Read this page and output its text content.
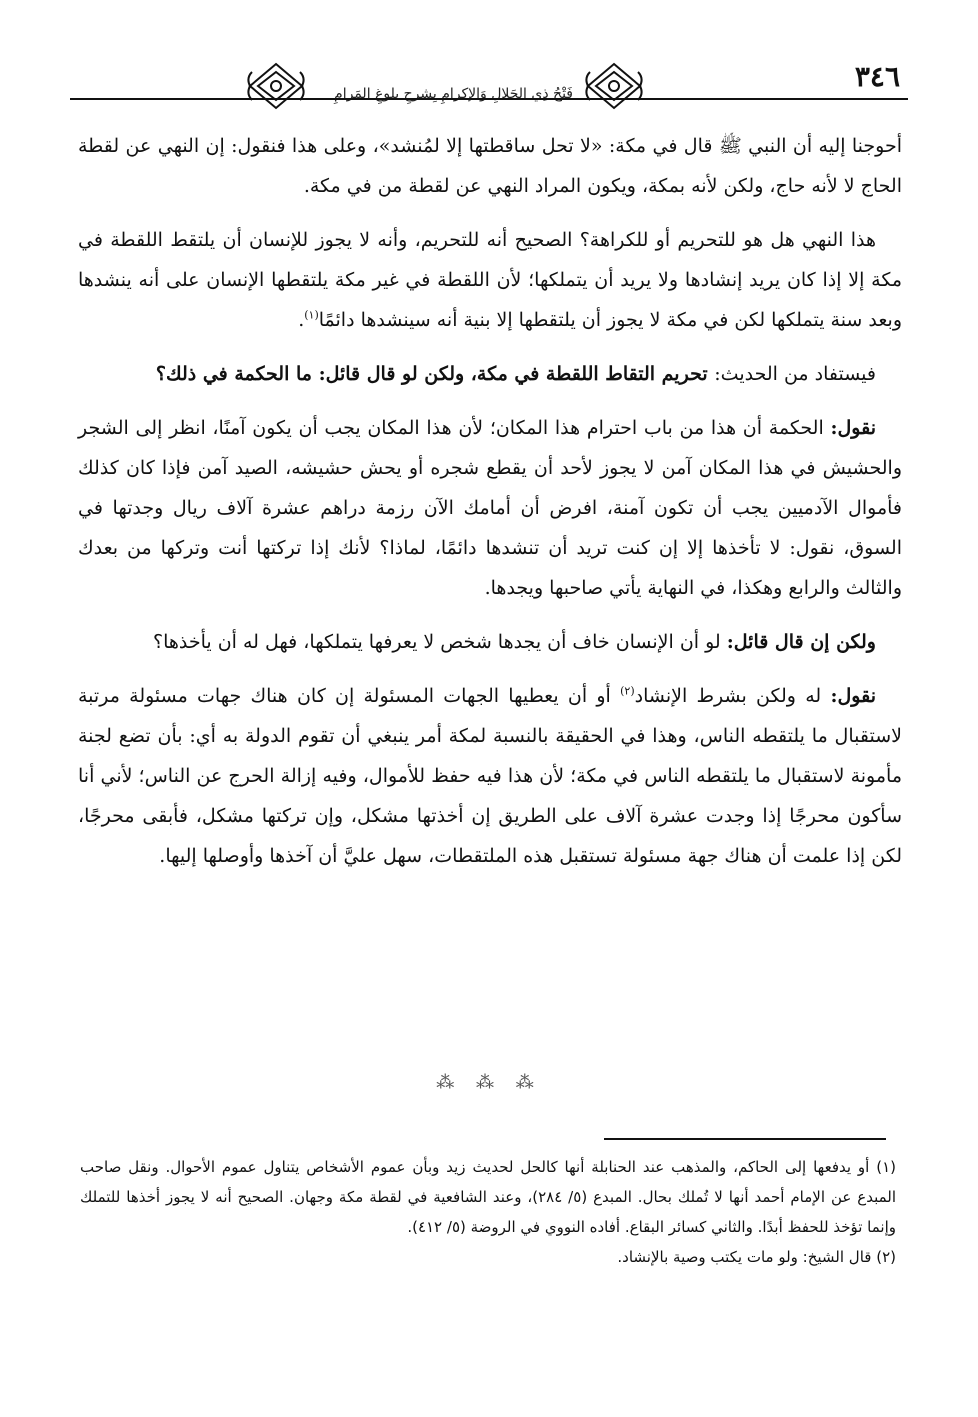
٣٤٦
فَتْحُ ذِي الجَلالِ وَالإكرامِ بِشرحِ بلوغِ المَرامِ

أحوجنا إليه أن النبي ﷺ قال في مكة: «لا تحل ساقطتها إلا لمُنشد»، وعلى هذا فنقول: إن النهي عن لقطة الحاج لا لأنه حاج، ولكن لأنه بمكة، ويكون المراد النهي عن لقطة من في مكة.

هذا النهي هل هو للتحريم أو للكراهة؟ الصحيح أنه للتحريم، وأنه لا يجوز للإنسان أن يلتقط اللقطة في مكة إلا إذا كان يريد إنشادها ولا يريد أن يتملكها؛ لأن اللقطة في غير مكة يلتقطها الإنسان على أنه ينشدها وبعد سنة يتملكها لكن في مكة لا يجوز أن يلتقطها إلا بنية أنه سينشدها دائمًا$^{(١)}$.

فيستفاد من الحديث: تحريم التقاط اللقطة في مكة، ولكن لو قال قائل: ما الحكمة في ذلك؟

نقول: الحكمة أن هذا من باب احترام هذا المكان؛ لأن هذا المكان يجب أن يكون آمنًا، انظر إلى الشجر والحشيش في هذا المكان آمن لا يجوز لأحد أن يقطع شجره أو يحش حشيشه، الصيد آمن فإذا كان كذلك فأموال الآدميين يجب أن تكون آمنة، افرض أن أمامك الآن رزمة دراهم عشرة آلاف ريال وجدتها في السوق، نقول: لا تأخذها إلا إن كنت تريد أن تنشدها دائمًا، لماذا؟ لأنك إذا تركتها أنت وتركها من بعدك والثالث والرابع وهكذا، في النهاية يأتي صاحبها ويجدها.

ولكن إن قال قائل: لو أن الإنسان خاف أن يجدها شخص لا يعرفها يتملكها، فهل له أن يأخذها؟

نقول: له ولكن بشرط الإنشاد$^{(٢)}$ أو أن يعطيها الجهات المسئولة إن كان هناك جهات مسئولة مرتبة لاستقبال ما يلتقطه الناس، وهذا في الحقيقة بالنسبة لمكة أمر ينبغي أن تقوم الدولة به أي: بأن تضع لجنة مأمونة لاستقبال ما يلتقطه الناس في مكة؛ لأن هذا فيه حفظ للأموال، وفيه إزالة الحرج عن الناس؛ لأني أنا سأكون محرجًا إذا وجدت عشرة آلاف على الطريق إن أخذتها مشكل، وإن تركتها مشكل، فأبقى محرجًا، لكن إذا علمت أن هناك جهة مسئولة تستقبل هذه الملتقطات، سهل عليَّ أن آخذها وأوصلها إليها.

⁂ ⁂ ⁂

(١) أو يدفعها إلى الحاكم، والمذهب عند الحنابلة أنها كالحل لحديث زيد وبأن عموم الأشخاص يتناول عموم الأحوال. ونقل صاحب المبدع عن الإمام أحمد أنها لا تُملك بحال. المبدع (٥/ ٢٨٤)، وعند الشافعية في لقطة مكة وجهان. الصحيح أنه لا يجوز أخذها للتملك وإنما تؤخذ للحفظ أبدًا. والثاني كسائر البقاع. أفاده النووي في الروضة (٥/ ٤١٢).

(٢) قال الشيخ: ولو مات يكتب وصية بالإنشاد.
